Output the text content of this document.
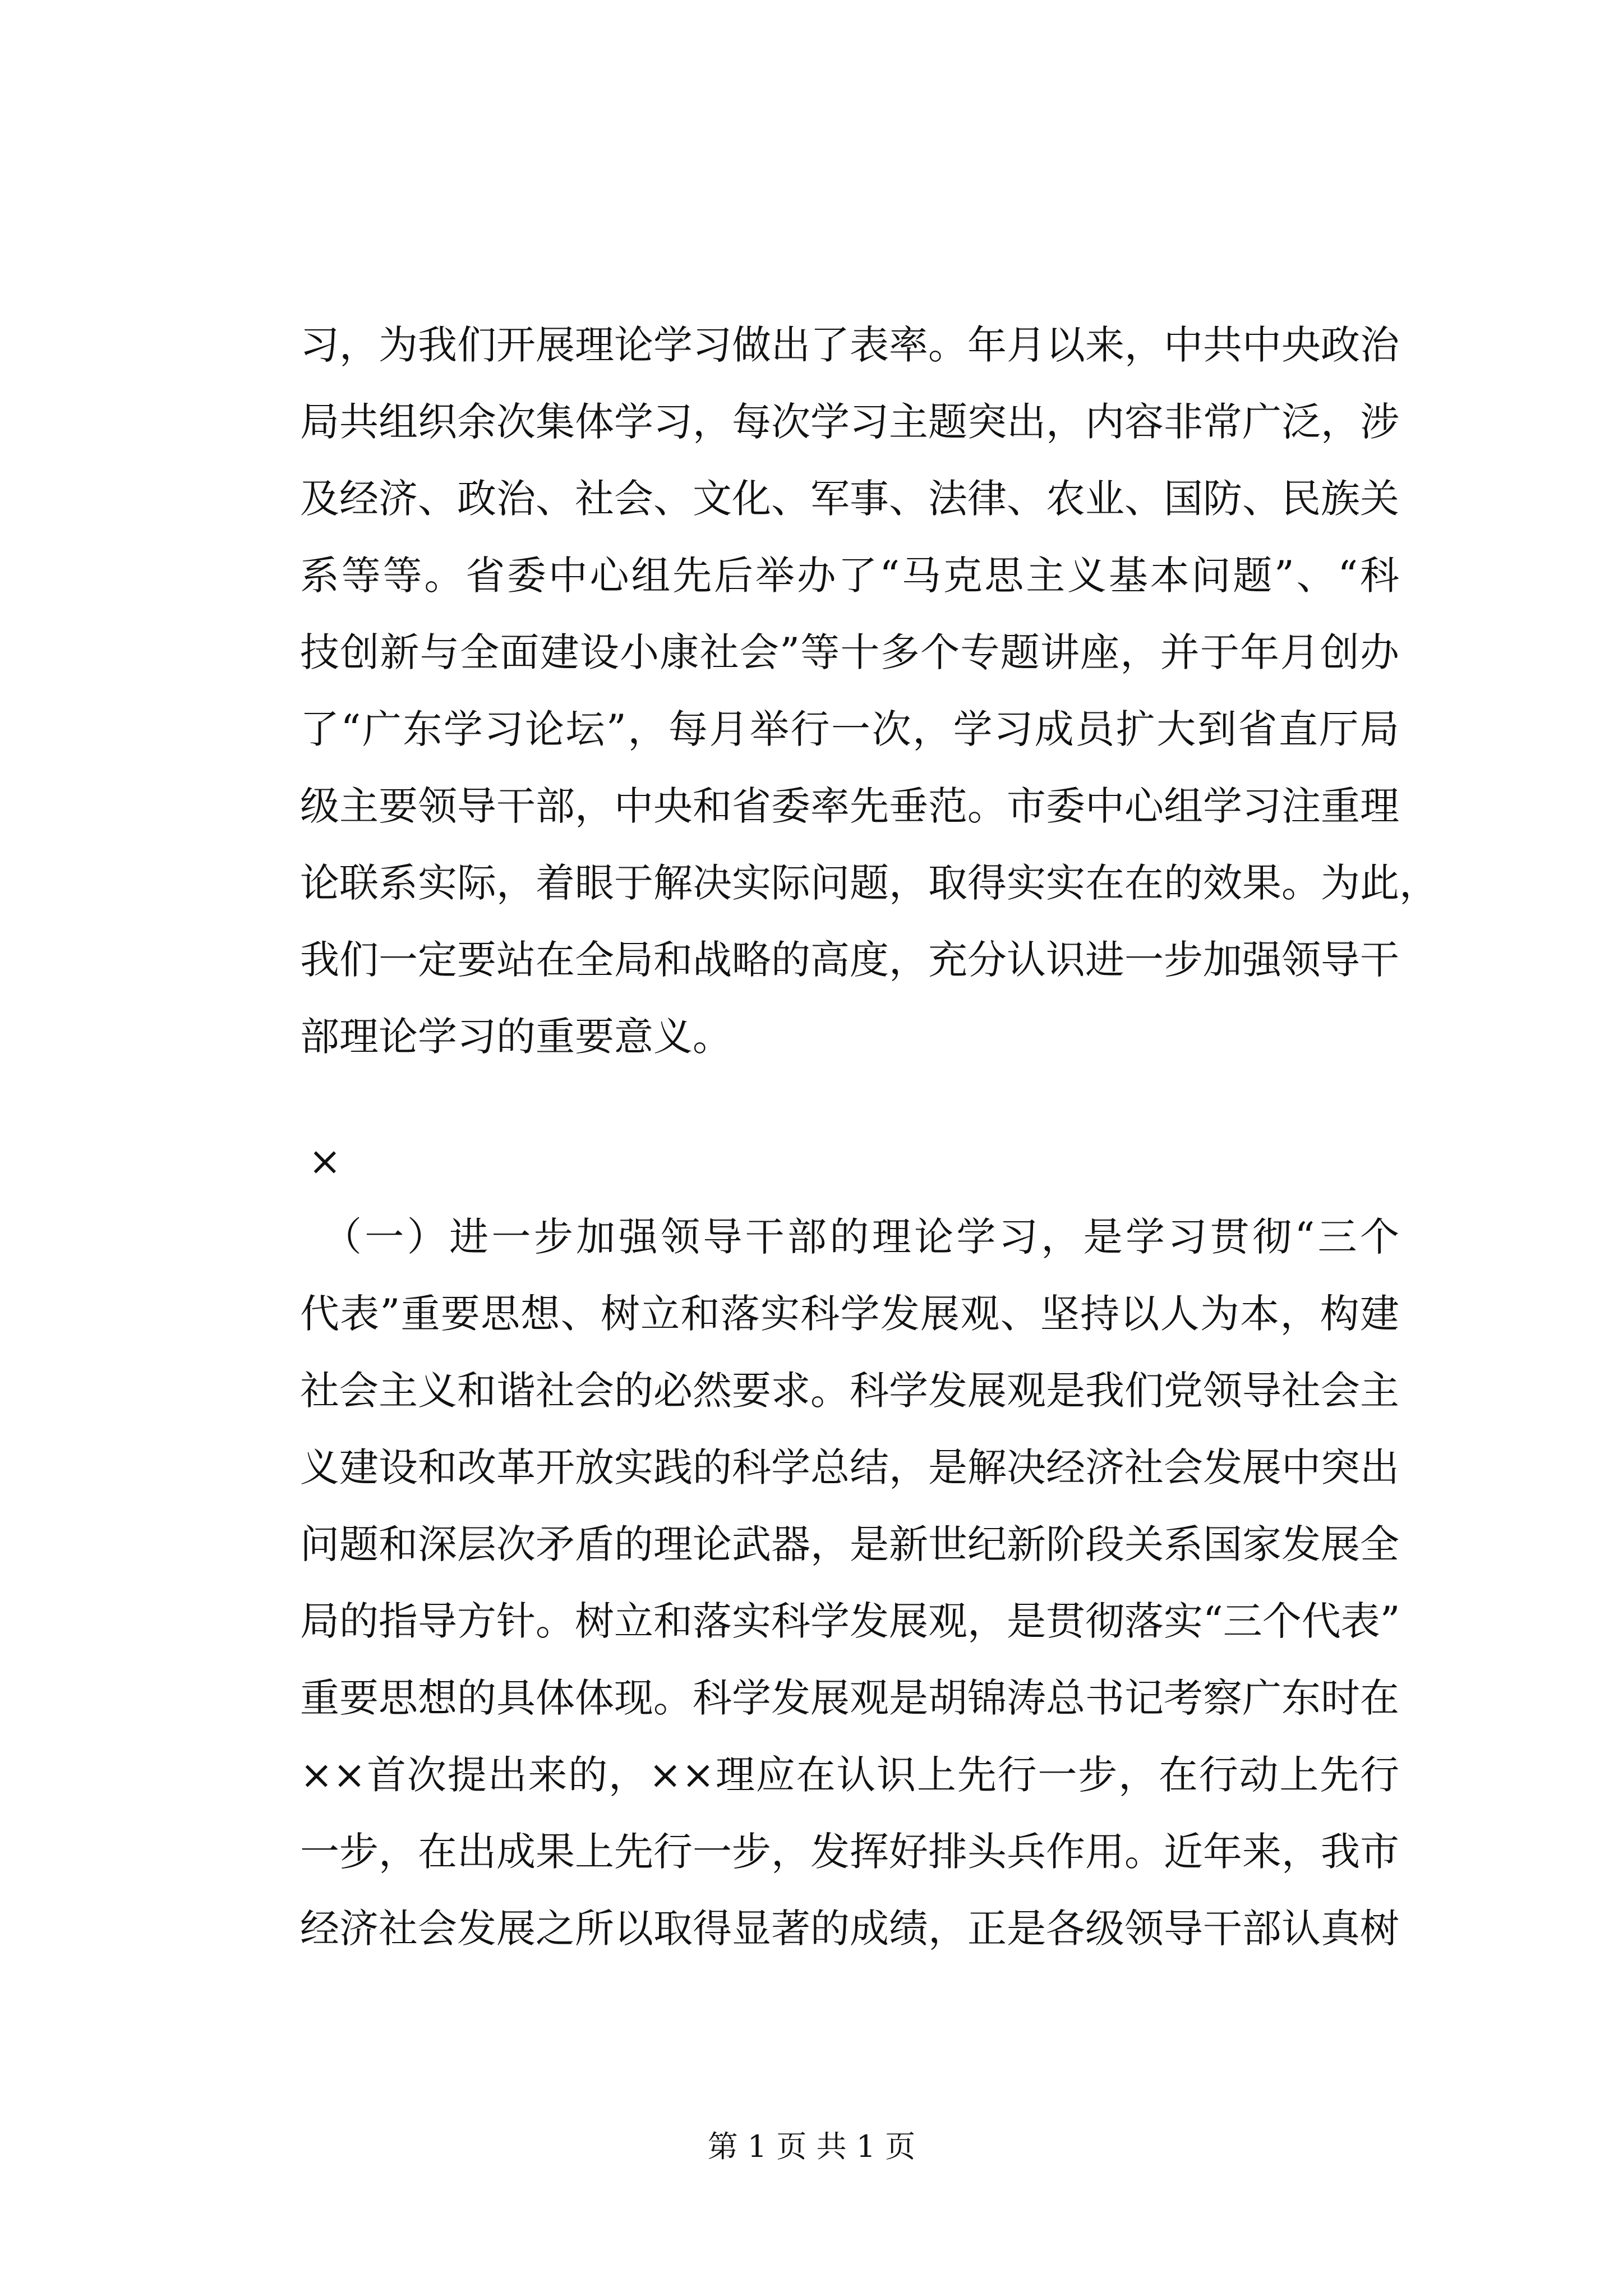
习，为我们开展理论学习做出了表率。年月以来，中共中央政治
局共组织余次集体学习，每次学习主题突出，内容非常广泛，涉
及经济、政治、社会、文化、军事、法律、农业、国防、民族关
系等等。省委中心组先后举办了“马克思主义基本问题”、“科
技创新与全面建设小康社会”等十多个专题讲座，并于年月创办
了“广东学习论坛”，每月举行一次，学习成员扩大到省直厅局
级主要领导干部，中央和省委率先垂范。市委中心组学习注重理
论联系实际，着眼于解决实际问题，取得实实在在的效果。为此，
我们一定要站在全局和战略的高度，充分认识进一步加强领导干
部理论学习的重要意义。
×
（一）进一步加强领导干部的理论学习，是学习贯彻“三个
代表”重要思想、树立和落实科学发展观、坚持以人为本，构建
社会主义和谐社会的必然要求。科学发展观是我们党领导社会主
义建设和改革开放实践的科学总结，是解决经济社会发展中突出
问题和深层次矛盾的理论武器，是新世纪新阶段关系国家发展全
局的指导方针。树立和落实科学发展观，是贯彻落实“三个代表”
重要思想的具体体现。科学发展观是胡锦涛总书记考察广东时在
××首次提出来的，××理应在认识上先行一步，在行动上先行
一步，在出成果上先行一步，发挥好排头兵作用。近年来，我市
经济社会发展之所以取得显著的成绩，正是各级领导干部认真树
第 1 页 共 1 页
